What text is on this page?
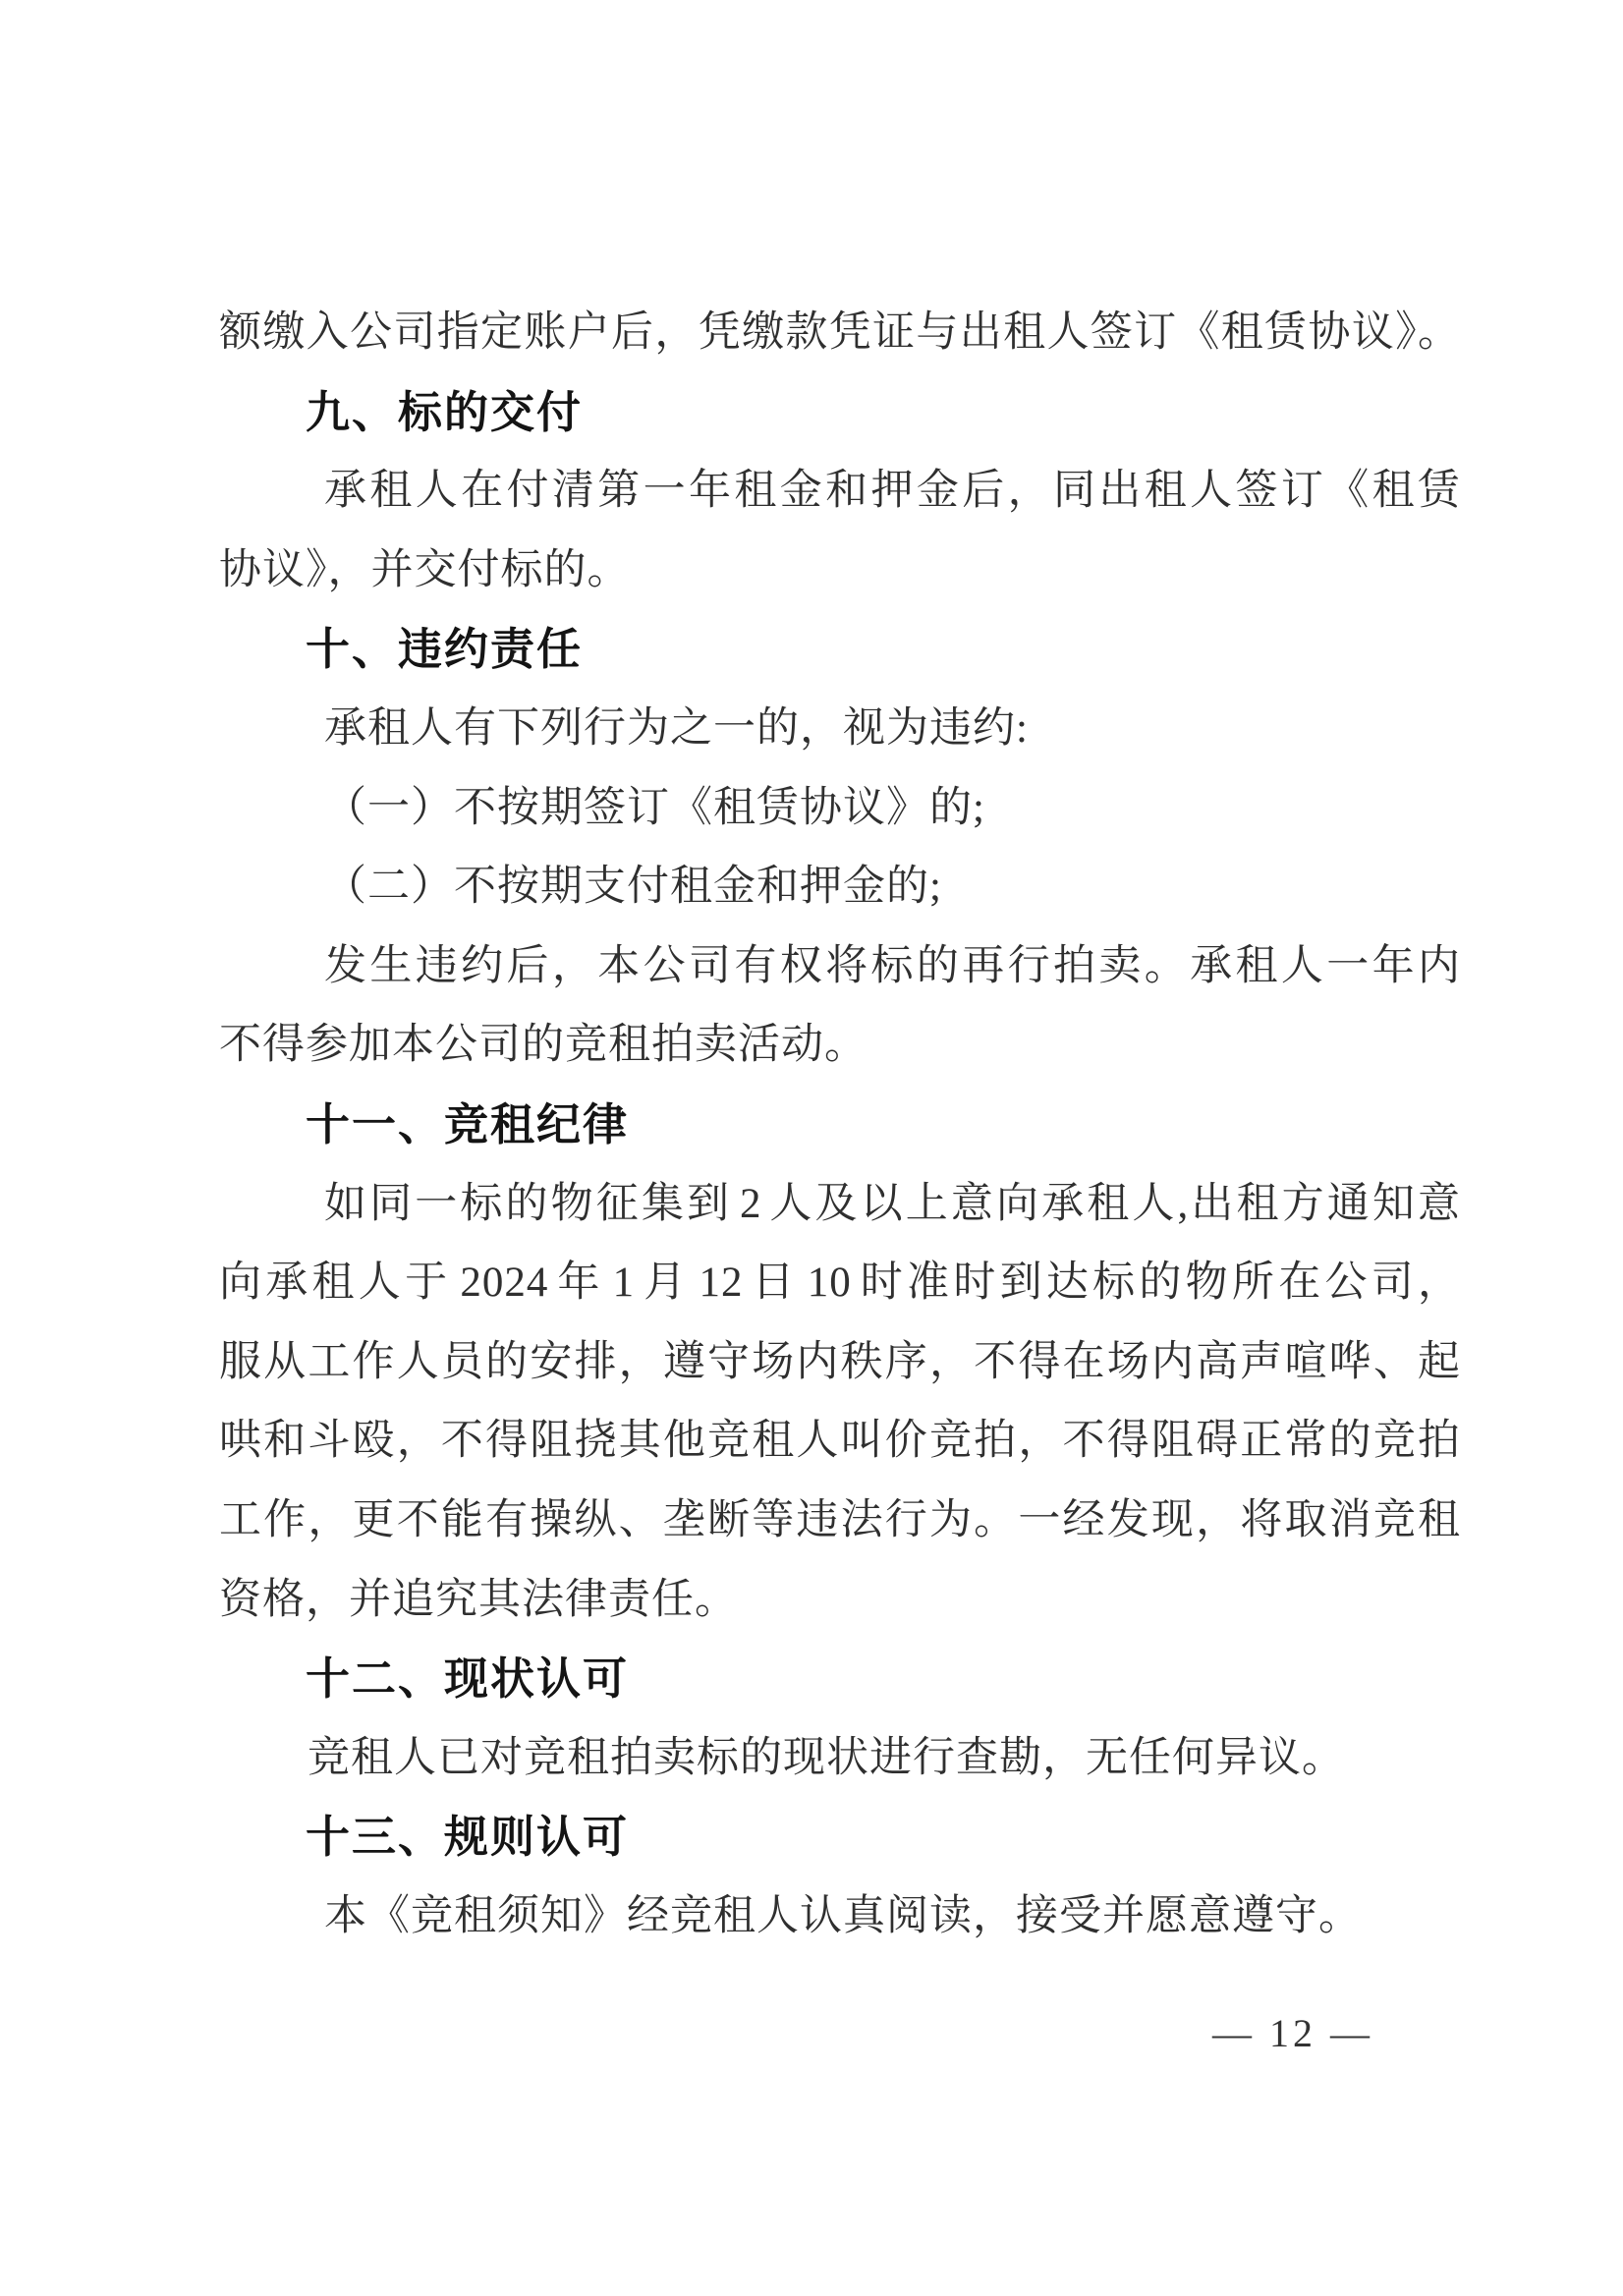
额缴入公司指定账户后，凭缴款凭证与出租人签订《租赁协议》。
九、标的交付
承租人在付清第一年租金和押金后，同出租人签订《租赁
协议》，并交付标的。
十、违约责任
承租人有下列行为之一的，视为违约:
（一）不按期签订《租赁协议》的;
（二）不按期支付租金和押金的;
发生违约后，本公司有权将标的再行拍卖。承租人一年内
不得参加本公司的竞租拍卖活动。
十一、竞租纪律
如同一标的物征集到 2 人及以上意向承租人,出租方通知意
向承租人于 2024 年 1 月 12 日 10 时准时到达标的物所在公司，
服从工作人员的安排，遵守场内秩序，不得在场内高声喧哗、起
哄和斗殴，不得阻挠其他竞租人叫价竞拍，不得阻碍正常的竞拍
工作，更不能有操纵、垄断等违法行为。一经发现，将取消竞租
资格，并追究其法律责任。
十二、现状认可
竞租人已对竞租拍卖标的现状进行查勘，无任何异议。
十三、规则认可
本《竞租须知》经竞租人认真阅读，接受并愿意遵守。
— 12 —
